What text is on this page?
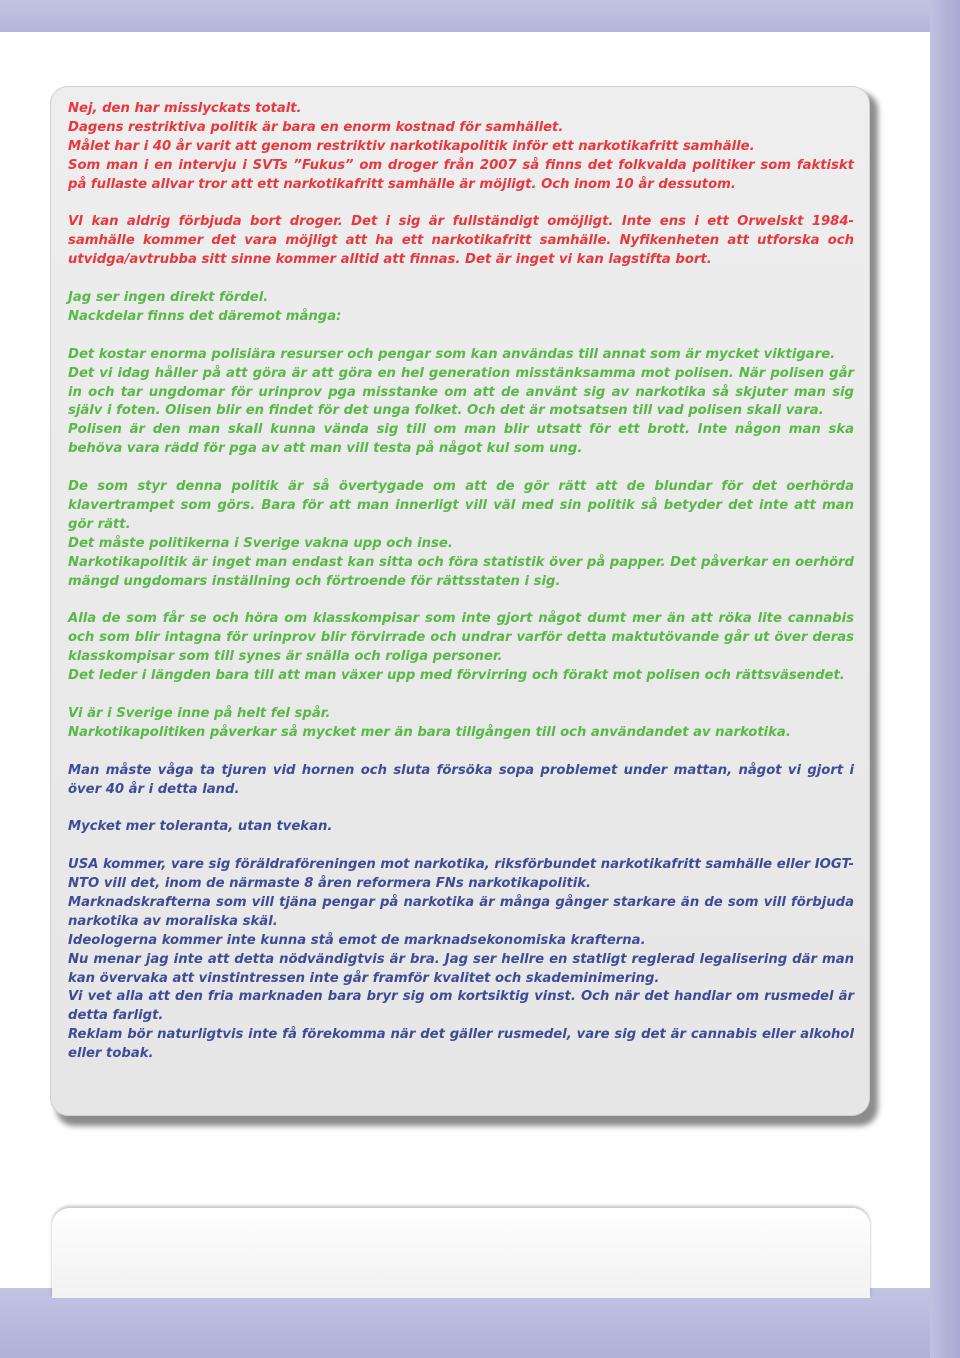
Nej, den har misslyckats totalt.
Dagens restriktiva politik är bara en enorm kostnad för samhället.
Målet har i 40 år varit att genom restriktiv narkotikapolitik inför ett narkotikafritt samhälle.
Som man i en intervju i SVTs ”Fukus” om droger från 2007 så finns det folkvalda politiker som faktiskt på fullaste allvar tror att ett narkotikafritt samhälle är möjligt. Och inom 10 år dessutom.

VI kan aldrig förbjuda bort droger. Det i sig är fullständigt omöjligt. Inte ens i ett Orwelskt 1984-samhälle kommer det vara möjligt att ha ett narkotikafritt samhälle. Nyfikenheten att utforska och utvidga/avtrubba sitt sinne kommer alltid att finnas. Det är inget vi kan lagstifta bort.

Jag ser ingen direkt fördel.
Nackdelar finns det däremot många:

Det kostar enorma polisiära resurser och pengar som kan användas till annat som är mycket viktigare.
Det vi idag håller på att göra är att göra en hel generation misstänksamma mot polisen. När polisen går in och tar ungdomar för urinprov pga misstanke om att de använt sig av narkotika så skjuter man sig själv i foten. Olisen blir en findet för det unga folket. Och det är motsatsen till vad polisen skall vara.
Polisen är den man skall kunna vända sig till om man blir utsatt för ett brott. Inte någon man ska behöva vara rädd för pga av att man vill testa på något kul som ung.

De som styr denna politik är så övertygade om att de gör rätt att de blundar för det oerhörda klavertrampet som görs. Bara för att man innerligt vill väl med sin politik så betyder det inte att man gör rätt.
Det måste politikerna i Sverige vakna upp och inse.
Narkotikapolitik är inget man endast kan sitta och föra statistik över på papper. Det påverkar en oerhörd mängd ungdomars inställning och förtroende för rättsstaten i sig.

Alla de som får se och höra om klasskompisar som inte gjort något dumt mer än att röka lite cannabis och som blir intagna för urinprov blir förvirrade och undrar varför detta maktutövande går ut över deras klasskompisar som till synes är snälla och roliga personer.
Det leder i längden bara till att man växer upp med förvirring och förakt mot polisen och rättsväsendet.

Vi är i Sverige inne på helt fel spår.
Narkotikapolitiken påverkar så mycket mer än bara tillgången till och användandet av narkotika.

Man måste våga ta tjuren vid hornen och sluta försöka sopa problemet under mattan, något vi gjort i över 40 år i detta land.

Mycket mer toleranta, utan tvekan.

USA kommer, vare sig föräldraföreningen mot narkotika, riksförbundet narkotikafritt samhälle eller IOGT-NTO vill det, inom de närmaste 8 åren reformera FNs narkotikapolitik.
Marknadskrafterna som vill tjäna pengar på narkotika är många gånger starkare än de som vill förbjuda narkotika av moraliska skäl.
Ideologerna kommer inte kunna stå emot de marknadsekonomiska krafterna.
Nu menar jag inte att detta nödvändigtvis är bra. Jag ser hellre en statligt reglerad legalisering där man kan övervaka att vinstintressen inte går framför kvalitet och skademinimering.
Vi vet alla att den fria marknaden bara bryr sig om kortsiktig vinst. Och när det handlar om rusmedel är detta farligt.
Reklam bör naturligtvis inte få förekomma när det gäller rusmedel, vare sig det är cannabis eller alkohol eller tobak.
